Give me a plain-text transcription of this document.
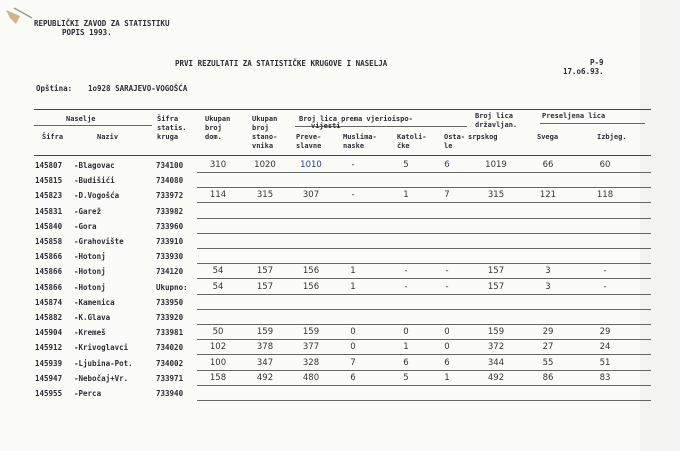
REPUBLIČKI ZAVOD ZA STATISTIKU
POPIS 1993.
PRVI REZULTATI ZA STATISTIČKE KRUGOVE I NASELJA	P-9
17.o6.93.
Opština: 1o928 SARAJEVO-VOGOŠĆA
Naselje
Šifra	Naziv
Šifra
statis.
kruga
Ukupan
broj
dom.
Ukupan
broj
stano-
vnika
Broj lica prema vjerioispo-
vijesti
Preve-
slavne
Muslima-
naske
Katoli-
čke
Osta-
le
Broj lica
državljan.
srpskog
Preseljena lica
Svega	Izbjeg.
145807	-Blagovac	734100	310	1020	1010	-	5	6	1019	66	60
145815	-Budišići	734080
145823	-D.Vogošća	733972	114	315	307	-	1	7	315	121	118
145831	-Garež	733982
145840	-Gora	733960
145858	-Grahovište	733910
145866	-Hotonj	733930
145866	-Hotonj	734120	54	157	156	1	-	-	157	3	-
145866	-Hotonj	Ukupno:	54	157	156	1	-	-	157	3	-
145874	-Kamenica	733950
145882	-K.Glava	733920
145904	-Kremeš	733981	50	159	159	0	0	0	159	29	29
145912	-Krivoglavci	734020	102	378	377	0	1	0	372	27	24
145939	-Ljubina-Pot.	734002	100	347	328	7	6	6	344	55	51
145947	-Nebočaj+Vr.	733971	158	492	480	6	5	1	492	86	83
145955	-Perca	733940
